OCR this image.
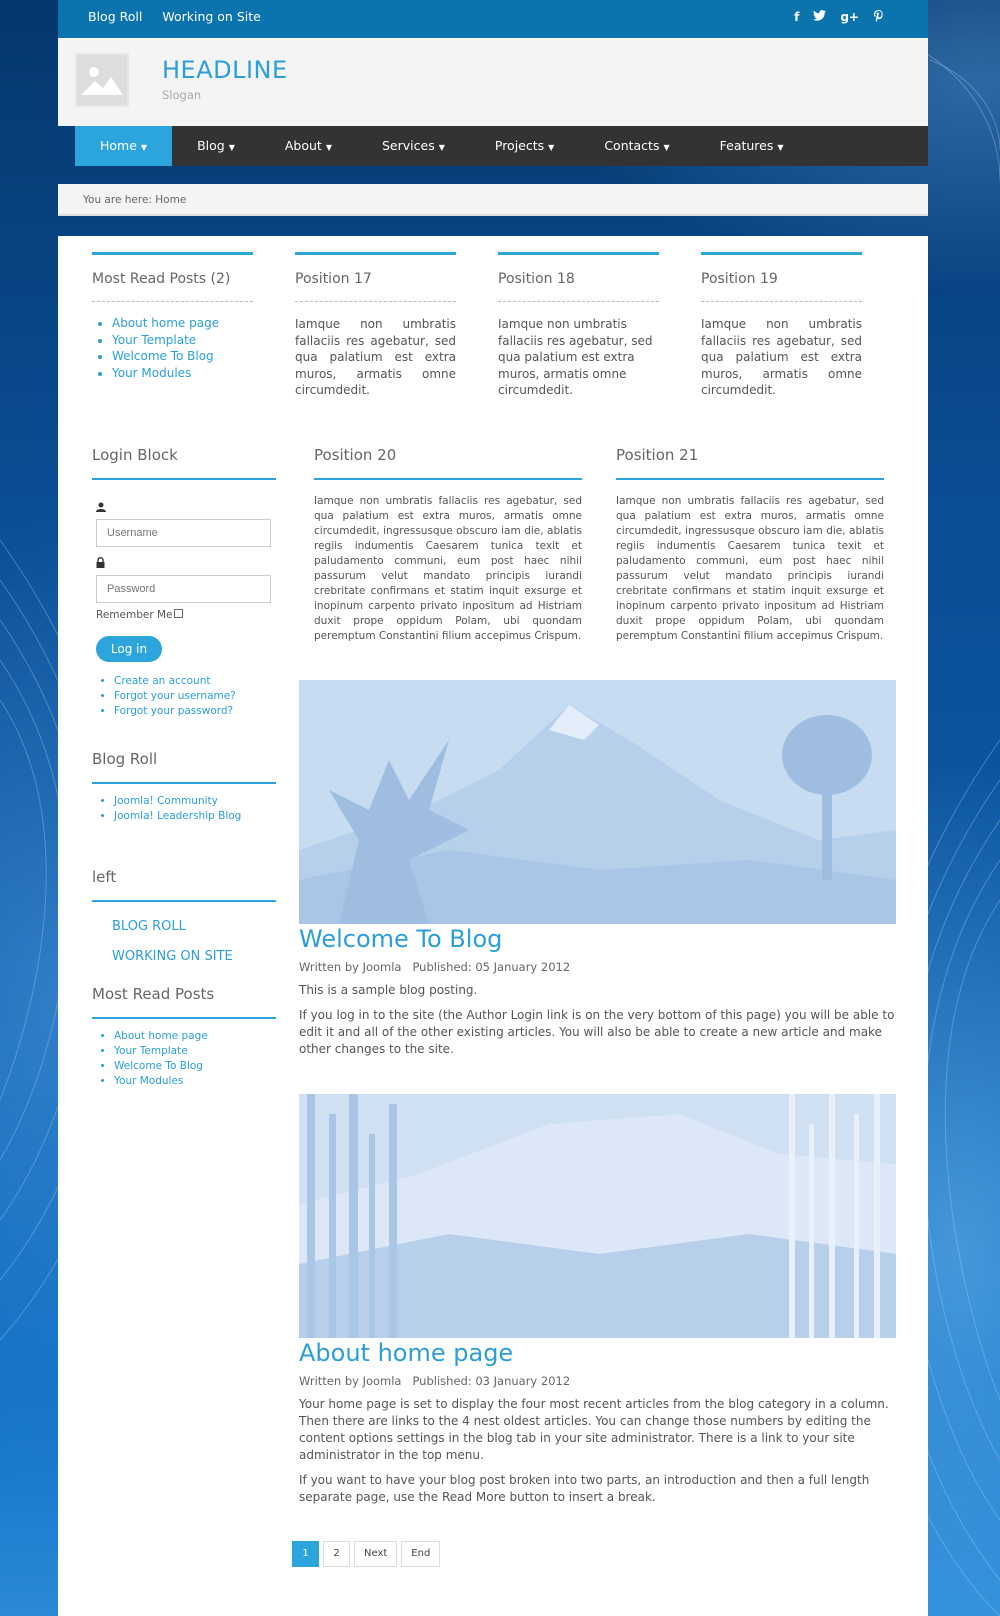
Blog Roll Working on Site	f	g+
HEADLINE
Slogan
Home ▼	Blog ▼	About ▼	Services ▼	Projects ▼	Contacts ▼	Features ▼
You are here: Home
Most Read Posts (2)
• About home page
• Your Template
• Welcome To Blog
• Your Modules
Position 17

Iamque non umbratis fallaciis res agebatur, sed qua palatium est extra muros, armatis omne circumdedit.

Position 18

Iamque non umbratis fallaciis res agebatur, sed qua palatium est extra muros, armatis omne circumdedit.

Position 19

Iamque non umbratis fallaciis res agebatur, sed qua palatium est extra muros, armatis omne circumdedit.

Login Block
Username
Remember Me
Log in
• Create an account
• Forgot your username?
• Forgot your password?
Blog Roll
• Joomla! Community
• Joomla! Leadership Blog
left
BLOG ROLL
WORKING ON SITE
Most Read Posts
• About home page
• Your Template
• Welcome To Blog
• Your Modules
Position 20

Iamque non umbratis fallaciis res agebatur, sed qua palatium est extra muros, armatis omne circumdedit, ingressusque obscuro iam die, ablatis regiis indumentis Caesarem tunica texit et paludamento communi, eum post haec nihil passurum velut mandato principis iurandi crebritate confirmans et statim inquit exsurge et inopinum carpento privato inpositum ad Histriam duxit prope oppidum Polam, ubi quondam peremptum Constantini filium accepimus Crispum.

Position 21

Iamque non umbratis fallaciis res agebatur, sed qua palatium est extra muros, armatis omne circumdedit, ingressusque obscuro iam die, ablatis regiis indumentis Caesarem tunica texit et paludamento communi, eum post haec nihil passurum velut mandato principis iurandi crebritate confirmans et statim inquit exsurge et inopinum carpento privato inpositum ad Histriam duxit prope oppidum Polam, ubi quondam peremptum Constantini filium accepimus Crispum.

Welcome To Blog
Written by Joomla Published: 05 January 2012

This is a sample blog posting.

If you log in to the site (the Author Login link is on the very bottom of this page) you will be able to edit it and all of the other existing articles. You will also be able to create a new article and make other changes to the site.

About home page
Written by Joomla Published: 03 January 2012

Your home page is set to display the four most recent articles from the blog category in a column. Then there are links to the 4 nest oldest articles. You can change those numbers by editing the content options settings in the blog tab in your site administrator. There is a link to your site administrator in the top menu.

If you want to have your blog post broken into two parts, an introduction and then a full length separate page, use the Read More button to insert a break.

1	2	Next	End
